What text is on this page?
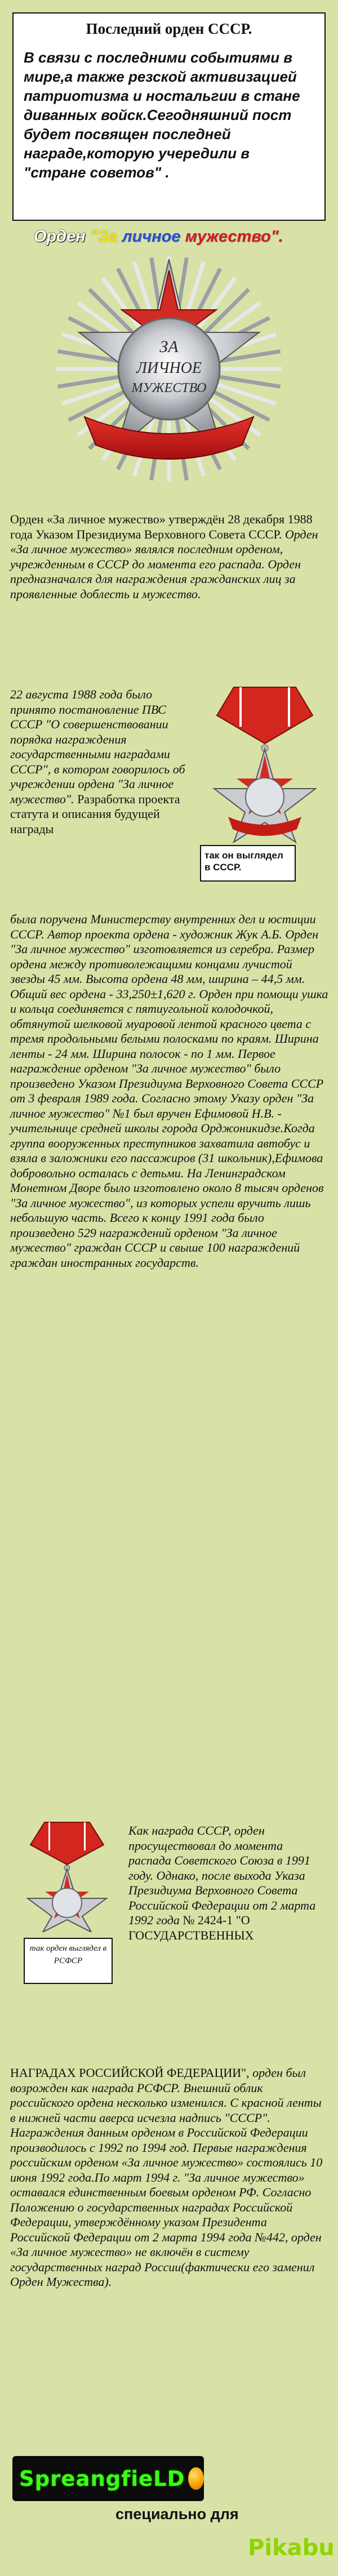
Последний орден СССР.

В связи с последними событиями в мире,а также резской активизацией патриотизма и ностальгии в стане диванных войск.Сегодняшний пост будет посвящен последней награде,которую учередили в "стране советов" .

Орден "За личное мужество".
ЗА
ЛИЧНОЕ
МУЖЕСТВО

Орден «За личное мужество» утверждён 28 декабря 1988 года Указом Президиума Верховного Совета СССР. Орден «За личное мужество» являлся последним орденом, учрежденным в СССР до момента его распада. Орден предназначался для награждения гражданских лиц за проявленные доблесть и мужество.

22 августа 1988 года было принято постановление ПВС СССР "О совершенствовании порядка награждения государственными наградами СССР", в котором говорилось об учреждении ордена "За личное мужество". Разработка проекта статута и описания будущей награды

так он выглядел в СССР.

была поручена Министерству внутренних дел и юстиции СССР. Автор проекта ордена - художник Жук А.Б. Орден "За личное мужество" изготовляется из серебра. Размер ордена между противолежащими концами лучистой звезды 45 мм. Высота ордена 48 мм, ширина – 44,5 мм. Общий вес ордена - 33,250±1,620 г. Орден при помощи ушка и кольца соединяется с пятиугольной колодочкой, обтянутой шелковой муаровой лентой красного цвета с тремя продольными белыми полосками по краям. Ширина ленты - 24 мм. Ширина полосок - по 1 мм. Первое награждение орденом "За личное мужество" было произведено Указом Президиума Верховного Совета СССР от 3 февраля 1989 года. Согласно этому Указу орден "За личное мужество" №1 был вручен Ефимовой Н.В. - учительнице средней школы города Орджоникидзе.Когда группа вооруженных преступников захватила автобус и взяла в заложники его пассажиров (31 школьник),Ефимова добровольно осталась с детьми. На Ленинградском Монетном Дворе было изготовлено около 8 тысяч орденов "За личное мужество", из которых успели вручить лишь небольшую часть. Всего к концу 1991 года было произведено 529 награждений орденом "За личное мужество" граждан СССР и свыше 100 награждений граждан иностранных государств.

так орден выглядел в РСФСР

Как награда СССР, орден просуществовал до момента распада Советского Союза в 1991 году. Однако, после выхода Указа Президиума Верховного Совета Российской Федерации от 2 марта 1992 года № 2424-1 "О ГОСУДАРСТВЕННЫХ

НАГРАДАХ РОССИЙСКОЙ ФЕДЕРАЦИИ", орден был возрожден как награда РСФСР. Внешний облик российского ордена несколько изменился. С красной ленты в нижней части аверса исчезла надпись "СССР". Награждения данным орденом в Российской Федерации производилось с 1992 по 1994 год. Первые награждения российским орденом «За личное мужество» состоялись 10 июня 1992 года.По март 1994 г. "За личное мужество» оставался единственным боевым орденом РФ. Согласно Положению о государственных наградах Российской Федерации, утверждённому указом Президента Российской Федерации от 2 марта 1994 года №442, орден «За личное мужество» не включён в систему государственных наград России(фактически его заменил Орден Мужества).

SpreangfieLD
специально для
Pikabu
